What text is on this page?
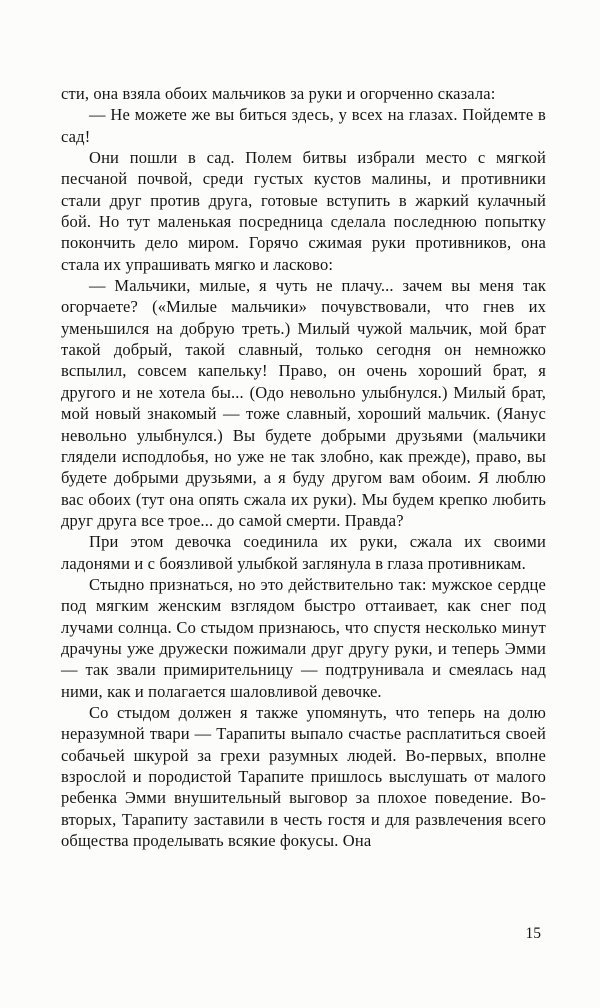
сти, она взяла обоих мальчиков за руки и огорченно сказала:

— Не можете же вы биться здесь, у всех на глазах. Пойдемте в сад!

Они пошли в сад. Полем битвы избрали место с мягкой песчаной почвой, среди густых кустов малины, и противники стали друг против друга, готовые вступить в жаркий кулачный бой. Но тут маленькая посредница сделала последнюю попытку покончить дело миром. Горячо сжимая руки противников, она стала их упрашивать мягко и ласково:

— Мальчики, милые, я чуть не плачу... зачем вы меня так огорчаете? («Милые мальчики» почувствовали, что гнев их уменьшился на добрую треть.) Милый чужой мальчик, мой брат такой добрый, такой славный, только сегодня он немножко вспылил, совсем капельку! Право, он очень хороший брат, я другого и не хотела бы... (Одо невольно улыбнулся.) Милый брат, мой новый знакомый — тоже славный, хороший мальчик. (Яанус невольно улыбнулся.) Вы будете добрыми друзьями (мальчики глядели исподлобья, но уже не так злобно, как прежде), право, вы будете добрыми друзьями, а я буду другом вам обоим. Я люблю вас обоих (тут она опять сжала их руки). Мы будем крепко любить друг друга все трое... до самой смерти. Правда?

При этом девочка соединила их руки, сжала их своими ладонями и с боязливой улыбкой заглянула в глаза противникам.

Стыдно признаться, но это действительно так: мужское сердце под мягким женским взглядом быстро оттаивает, как снег под лучами солнца. Со стыдом признаюсь, что спустя несколько минут драчуны уже дружески пожимали друг другу руки, и теперь Эмми — так звали примирительницу — подтрунивала и смеялась над ними, как и полагается шаловливой девочке.

Со стыдом должен я также упомянуть, что теперь на долю неразумной твари — Тарапиты выпало счастье расплатиться своей собачьей шкурой за грехи разумных людей. Во-первых, вполне взрослой и породистой Тарапите пришлось выслушать от малого ребенка Эмми внушительный выговор за плохое поведение. Во-вторых, Тарапиту заставили в честь гостя и для развлечения всего общества проделывать всякие фокусы. Она

15
